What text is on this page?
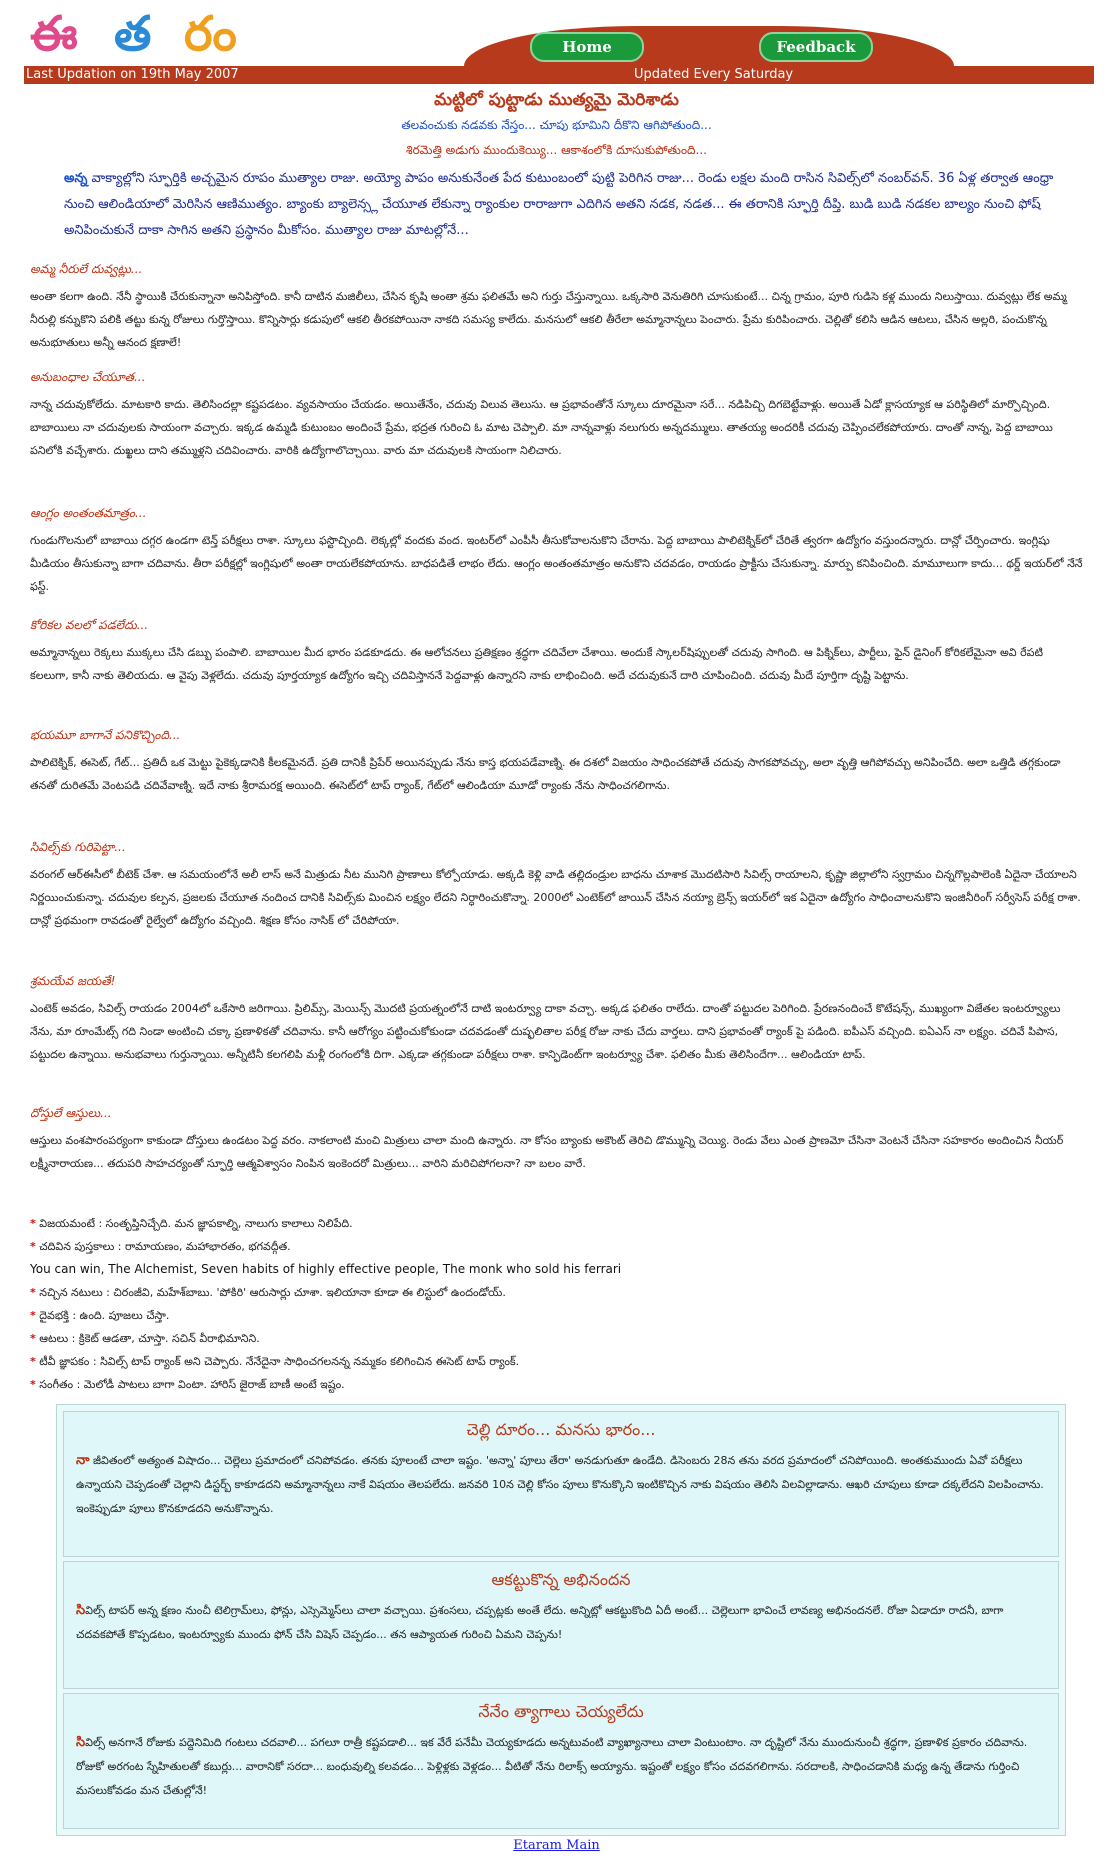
ఈ త రం	Home	Feedback
Last Updation on 19th May 2007	Updated Every Saturday
మట్టిలో పుట్టాడు ముత్యమై మెరిశాడు
తలవంచుకు నడవకు నేస్తం... చూపు భూమిని దీకొని ఆగిపోతుంది...
శిరమెత్తి అడుగు ముందుకెయ్యి... ఆకాశంలోకి దూసుకుపోతుంది...
అన్న వాక్యాల్లోని స్ఫూర్తికి అచ్చమైన రూపం ముత్యాల రాజు. అయ్యో పాపం అనుకునేంత పేద కుటుంబంలో పుట్టి పెరిగిన రాజు... రెండు లక్షల మంది రాసిన సివిల్స్‌లో నంబర్‌వన్. 36 ఏళ్ల తర్వాత ఆంధ్రా నుంచి ఆలిండియాలో మెరిసిన ఆణిముత్యం. బ్యాంకు బ్యాలెన్స్ల చేయూత లేకున్నా ర్యాంకుల రారాజుగా ఎదిగిన అతని నడక, నడత... ఈ తరానికి స్ఫూర్తి దీప్తి. బుడి బుడి నడకల బాల్యం నుంచి ఫోష్ అనిపించుకునే దాకా సాగిన అతని ప్రస్థానం మీకోసం. ముత్యాల రాజు మాటల్లోనే...
అమ్మ నీరులే దువ్వట్లు...

అంతా కలగా ఉంది. నేనీ స్థాయికి చేరుకున్నానా అనిపిస్తోంది. కానీ దాటిన మజిలీలు, చేసిన కృషి అంతా శ్రమ ఫలితమే అని గుర్తు చేస్తున్నాయి. ఒక్కసారి వెనుతిరిగి చూసుకుంటే... చిన్న గ్రామం, పూరి గుడిసె కళ్ల ముందు నిలుస్తాయి. దువ్వట్లు లేక అమ్మ నీరుల్లి కన్నుకొని పలికి తట్టు కున్న రోజులు గుర్తొస్తాయి. కొన్నిసార్లు కడుపులో ఆకలి తీరకపోయినా నాకది సమస్య కాలేదు. మనసులో ఆకలి తీరేలా అమ్మానాన్నలు పెంచారు. ప్రేమ కురిపించారు. చెల్లితో కలిసి ఆడిన ఆటలు, చేసిన అల్లరి, పంచుకొన్న అనుభూతులు అన్నీ ఆనంద క్షణాలే!

అనుబంధాల చేయూత...

నాన్న చదువుకోలేదు. మాటకారి కాదు. తెలిసిందల్లా కష్టపడటం. వ్యవసాయం చేయడం. అయితేనేం, చదువు విలువ తెలుసు. ఆ ప్రభావంతోనే స్కూలు దూరమైనా సరే... నడిపిచ్చి దిగబెట్టేవాళ్లు. అయితే ఏడో క్లాసయ్యాక ఆ పరిస్థితిలో మార్పొచ్చింది. బాబాయిలు నా చదువులకు సాయంగా వచ్చారు. ఇక్కడ ఉమ్మడి కుటుంబం అందించే ప్రేమ, భద్రత గురించి ఓ మాట చెప్పాలి. మా నాన్నవాళ్లు నలుగురు అన్నదమ్ములు. తాతయ్య అందరికీ చదువు చెప్పించలేకపోయారు. దాంతో నాన్న, పెద్ద బాబాయి పనిలోకి వచ్చేశారు. దుఖ్ఖలు దాని తమ్ముళ్లని చదివించారు. వారికి ఉద్యోగాలొచ్చాయి. వారు మా చదువులకి సాయంగా నిలిచారు.

ఆంగ్లం అంతంతమాత్రం...

గుండుగొలనులో బాబాయి దగ్గర ఉండగా టెన్త్ పరీక్షలు రాశా. స్కూలు ఫస్టొచ్చింది. లెక్కల్లో వందకు వంద. ఇంటర్‌లో ఎంపీసీ తీసుకోవాలనుకొని చేరాను. పెద్ద బాబాయి పాలిటెక్నిక్‌లో చేరితే త్వరగా ఉద్యోగం వస్తుందన్నారు. దాన్లో చేర్పించారు. ఇంగ్లిషు మీడియం తీసుకున్నా బాగా చదివాను. తీరా పరీక్షల్లో ఇంగ్లిషులో అంతా రాయలేకపోయాను. బాధపడితే లాభం లేదు. ఆంగ్లం అంతంతమాత్రం అనుకొని చదవడం, రాయడం ప్రాక్టీసు చేసుకున్నా. మార్పు కనిపించింది. మామూలుగా కాదు... థర్డ్ ఇయర్‌లో నేనే ఫస్ట్.

కోరికల వలలో పడలేదు...

అమ్మానాన్నలు రెక్కలు ముక్కలు చేసి డబ్బు పంపాలి. బాబాయిల మీద భారం పడకూడదు. ఈ ఆలోచనలు ప్రతిక్షణం శ్రద్ధగా చదివేలా చేశాయి. అందుకే స్కాలర్‌షిప్పులతో చదువు సాగింది. ఆ పిక్నిక్‌లు, పార్టీలు, ఫైన్ డైనింగ్ కోరికలేమైనా అవి రేపటి కలలుగా, కానీ నాకు తెలియదు. ఆ వైపు వెళ్లలేదు. చదువు పూర్తయ్యాక ఉద్యోగం ఇచ్చి చదివిస్తాననే పెద్దవాళ్లు ఉన్నారని నాకు లాభించింది. అదే చదువుకునే దారి చూపించింది. చదువు మీదే పూర్తిగా దృష్టి పెట్టాను.

భయమూ బాగానే పనికొచ్చింది...

పాలిటెక్నిక్, ఈసెట్, గేట్... ప్రతిదీ ఒక మెట్టు పైకెక్కడానికి కీలకమైనదే. ప్రతి దానికీ ప్రిపేర్ అయినప్పుడు నేను కాస్త భయపడేవాణ్ని. ఈ దశలో విజయం సాధించకపోతే చదువు సాగకపోవచ్చు, అలా వృత్తి ఆగిపోవచ్చు అనిపించేది. అలా ఒత్తిడి తగ్గకుండా తనతో దురితమే వెంటపడి చదివేవాణ్ని. ఇదే నాకు శ్రీరామరక్ష అయింది. ఈసెట్‌లో టాప్ ర్యాంక్, గేట్‌లో ఆలిండియా మూడో ర్యాంకు నేను సాధించగలిగాను.

సివిల్స్‌కు గురిపెట్టా...

వరంగల్ ఆర్ఈసీలో బీటెక్ చేశా. ఆ సమయంలోనే అలీ లాస్ అనే మిత్రుడు నీట మునిగి ప్రాణాలు కోల్పోయాడు. అక్కడి కెళ్లి వాడి తల్లిదండ్రుల బాధను చూశాక మొదటిసారి సివిల్స్ రాయాలని, కృష్ణా జిల్లాలోని స్వగ్రామం చిన్నగొల్లపాలెంకి ఏదైనా చేయాలని నిర్ణయించుకున్నా. చదువుల కల్పన, ప్రజలకు చేయూత నందించ దానికి సివిల్స్‌కు మించిన లక్ష్యం లేదని నిర్ధారించుకొన్నా. 2000లో ఎంటెక్‌లో జాయిన్ చేసిన నయ్యా బ్రెన్స్ ఇయర్‌లో ఇక ఏదైనా ఉద్యోగం సాధించాలనుకొని ఇంజినీరింగ్ సర్వీసెస్ పరీక్ష రాశా. దాన్లో ప్రథమంగా రావడంతో రైల్వేలో ఉద్యోగం వచ్చింది. శిక్షణ కోసం నాసిక్ లో చేరిపోయా.

శ్రమయేవ జయతే!

ఎంటెక్ అవడం, సివిల్స్ రాయడం 2004లో ఒకేసారి జరిగాయి. ప్రిలిమ్స్, మెయిన్స్ మొదటి ప్రయత్నంలోనే దాటి ఇంటర్వ్యూ దాకా వచ్చా. అక్కడ ఫలితం రాలేదు. దాంతో పట్టుదల పెరిగింది. ప్రేరణనందించే కొటేషన్స్, ముఖ్యంగా విజేతల ఇంటర్వ్యూలు నేను, మా రూంమేట్స్ గది నిండా అంటించి చక్కా ప్రణాళికతో చదివాను. కానీ ఆరోగ్యం పట్టించుకోకుండా చదవడంతో దుష్ఫలితాల పరీక్ష రోజు నాకు చేదు వార్తలు. దాని ప్రభావంతో ర్యాంక్ పై పడింది. ఐపీఎస్ వచ్చింది. ఐఏఎస్ నా లక్ష్యం. చదివే పిపాస, పట్టుదల ఉన్నాయి. అనుభవాలు గుర్తున్నాయి. అన్నీటినీ కలగలిపి మళ్లీ రంగంలోకి దిగా. ఎక్కడా తగ్గకుండా పరీక్షలు రాశా. కాన్ఫిడెంట్‌గా ఇంటర్వ్యూ చేశా. ఫలితం మీకు తెలిసిందేగా... ఆలిండియా టాప్.

దోస్తులే ఆస్తులు...

ఆస్తులు వంశపారంపర్యంగా కాకుండా దోస్తులు ఉండటం పెద్ద వరం. నాకలాంటి మంచి మిత్రులు చాలా మంది ఉన్నారు. నా కోసం బ్యాంకు అకౌంట్ తెరిచి డొమ్మున్ని చెయ్యి. రెండు వేలు ఎంత ప్రాణమో చేసినా వెంటనే చేసినా సహకారం అందించిన నీయర్ లక్ష్మీనారాయణ... తదుపరి సాహచర్యంతో స్ఫూర్తి ఆత్మవిశ్వాసం నింపిన ఇంకెందరో మిత్రులు... వారిని మరిచిపోగలనా? నా బలం వారే.

* విజయమంటే : సంతృప్తినిచ్చేది. మన జ్ఞాపకాల్ని, నాలుగు కాలాలు నిలిపేది.
* చదివిన పుస్తకాలు : రామాయణం, మహాభారతం, భగవద్గీత.
You can win, The Alchemist, Seven habits of highly effective people, The monk who sold his ferrari
* నచ్చిన నటులు : చిరంజీవి, మహేశ్‌బాబు. 'పోకిరి' ఆరుసార్లు చూశా. ఇలియానా కూడా ఈ లిస్టులో ఉందండోయ్.
* దైవభక్తి : ఉంది. పూజలు చేస్తా.
* ఆటలు : క్రికెట్ ఆడతా, చూస్తా. సచిన్ వీరాభిమానిని.
* టీవీ జ్ఞాపకం : సివిల్స్ టాప్ ర్యాంక్ అని చెప్పారు. నేనేదైనా సాధించగలనన్న నమ్మకం కలిగించిన ఈసెట్ టాప్ ర్యాంక్.
* సంగీతం : మెలోడీ పాటలు బాగా వింటా. హారిస్ జైరాజ్ బాణీ అంటే ఇష్టం.
చెల్లి దూరం... మనసు భారం...

నా జీవితంలో అత్యంత విషాదం... చెల్లెలు ప్రమాదంలో చనిపోవడం. తనకు పూలంటే చాలా ఇష్టం. 'అన్నా' పూలు తేరా' అనడుగుతూ ఉండేది. డిసెంబరు 28న తను వరద ప్రమాదంలో చనిపోయింది. అంతకుముందు ఏవో పరీక్షలు ఉన్నాయని చెప్పడంతో చెల్లాని డిస్టర్బ్ కాకూడదని అమ్మానాన్నలు నాకే విషయం తెలపలేదు. జనవరి 10న చెల్లి కోసం పూలు కొనుక్కొని ఇంటికొచ్చిన నాకు విషయం తెలిసి విలవిల్లాడాను. ఆఖరి చూపులు కూడా దక్కలేదని విలపించాను. ఇంకెప్పుడూ పూలు కొనకూడదని అనుకొన్నాను.

ఆకట్టుకొన్న అభినందన

సివిల్స్ టాపర్ అన్న క్షణం నుంచీ టెలిగ్రామ్‌లు, ఫోన్లు, ఎస్సెమ్మెస్‌లు చాలా వచ్చాయి. ప్రశంసలు, చప్పట్లకు అంతే లేదు. అన్నిట్లో ఆకట్టుకొంది ఏదీ అంటే... చెల్లెలుగా భావించే లావణ్య అభినందనలే. రోజా ఏడాదూ రాదనీ, బాగా చదవకపోతే కొప్పడటం, ఇంటర్వ్యూకు ముందు ఫోన్ చేసి విషెస్ చెప్పడం... తన ఆప్యాయత గురించి ఏమని చెప్పను!

నేనేం త్యాగాలు చెయ్యలేదు

సివిల్స్ అనగానే రోజుకు పద్దెనిమిది గంటలు చదవాలి... పగలూ రాత్రీ కష్టపడాలి... ఇక వేరే పనేమీ చెయ్యకూడదు అన్నటువంటి వ్యాఖ్యానాలు చాలా వింటుంటాం. నా దృష్టిలో నేను ముందునుంచీ శ్రద్ధగా, ప్రణాళిక ప్రకారం చదివాను. రోజుకో అరగంట స్నేహితులతో కబుర్లు... వారానికో సరదా... బంధువుల్ని కలవడం... పెళ్లిళ్లకు వెళ్లడం... వీటితో నేను రిలాక్స్ అయ్యాను. ఇష్టంతో లక్ష్యం కోసం చదవగలిగాను. సరదాలకి, సాధించడానికి మధ్య ఉన్న తేడాను గుర్తించి మసలుకోవడం మన చేతుల్లోనే!

Etaram Main
